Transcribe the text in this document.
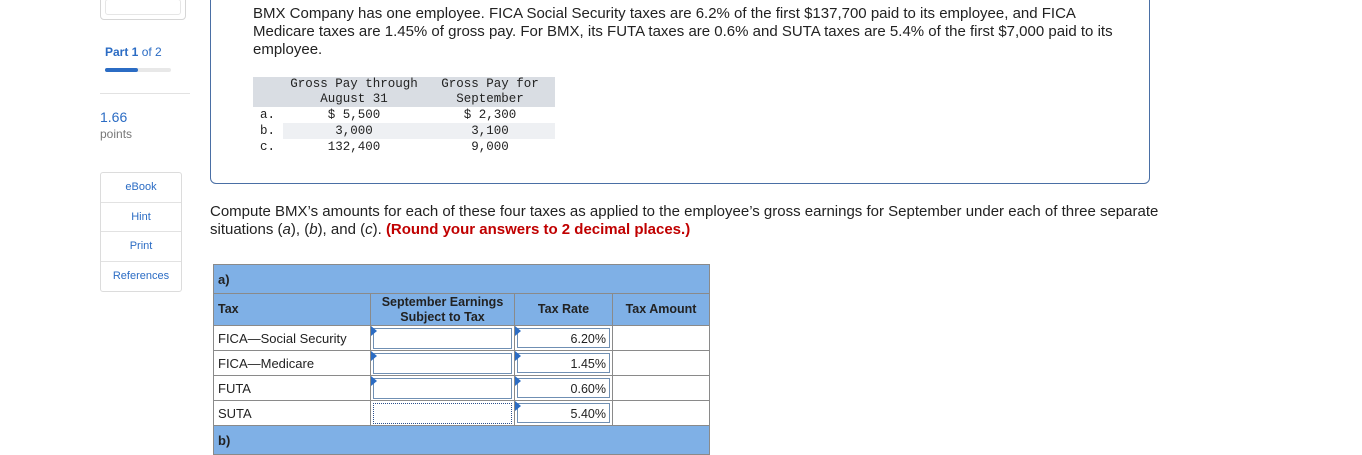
Part 1 of 2
1.66
points
eBook
Hint
Print
References
BMX Company has one employee. FICA Social Security taxes are 6.2% of the first $137,700 paid to its employee, and FICA Medicare taxes are 1.45% of gross pay. For BMX, its FUTA taxes are 0.6% and SUTA taxes are 5.4% of the first $7,000 paid to its employee.
	Gross Pay through
August 31	Gross Pay for
September
a.	$ 5,500	$ 2,300
b.	3,000	3,100
c.	132,400	9,000
Compute BMX’s amounts for each of these four taxes as applied to the employee’s gross earnings for September under each of three separate situations (a), (b), and (c). (Round your answers to 2 decimal places.)
a)			
Tax	September Earnings Subject to Tax	Tax Rate	Tax Amount
FICA—Social Security		6.20%	

FICA—Medicare		1.45%	

FUTA		0.60%	

SUTA		5.40%	

b)			
